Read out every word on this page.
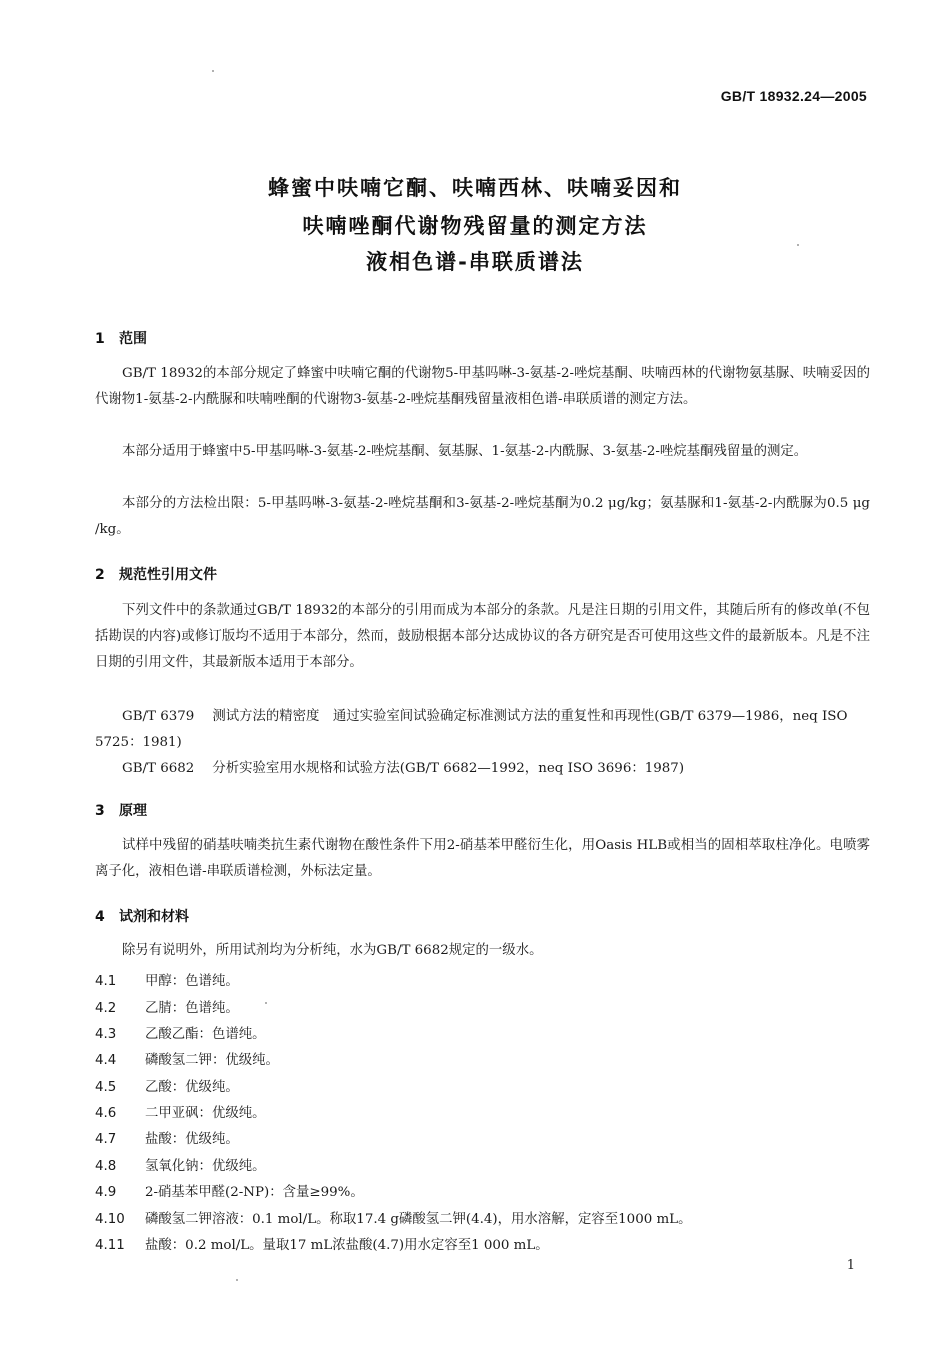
GB/T 18932.24—2005
蜂蜜中呋喃它酮、呋喃西林、呋喃妥因和
呋喃唑酮代谢物残留量的测定方法
液相色谱-串联质谱法
1 范围
GB/T 18932的本部分规定了蜂蜜中呋喃它酮的代谢物5-甲基吗啉-3-氨基-2-唑烷基酮、呋喃西林的代谢物氨基脲、呋喃妥因的代谢物1-氨基-2-内酰脲和呋喃唑酮的代谢物3-氨基-2-唑烷基酮残留量液相色谱-串联质谱的测定方法。
本部分适用于蜂蜜中5-甲基吗啉-3-氨基-2-唑烷基酮、氨基脲、1-氨基-2-内酰脲、3-氨基-2-唑烷基酮残留量的测定。
本部分的方法检出限：5-甲基吗啉-3-氨基-2-唑烷基酮和3-氨基-2-唑烷基酮为0.2 μg/kg；氨基脲和1-氨基-2-内酰脲为0.5 μg /kg。
2 规范性引用文件
下列文件中的条款通过GB/T 18932的本部分的引用而成为本部分的条款。凡是注日期的引用文件，其随后所有的修改单(不包括勘误的内容)或修订版均不适用于本部分，然而，鼓励根据本部分达成协议的各方研究是否可使用这些文件的最新版本。凡是不注日期的引用文件，其最新版本适用于本部分。
GB/T 6379 测试方法的精密度　通过实验室间试验确定标准测试方法的重复性和再现性(GB/T 6379—1986，neq ISO 5725：1981)
GB/T 6682 分析实验室用水规格和试验方法(GB/T 6682—1992，neq ISO 3696：1987)
3 原理
试样中残留的硝基呋喃类抗生素代谢物在酸性条件下用2-硝基苯甲醛衍生化，用Oasis HLB或相当的固相萃取柱净化。电喷雾离子化，液相色谱-串联质谱检测，外标法定量。
4 试剂和材料
除另有说明外，所用试剂均为分析纯，水为GB/T 6682规定的一级水。
4.1 甲醇：色谱纯。
4.2 乙腈：色谱纯。
4.3 乙酸乙酯：色谱纯。
4.4 磷酸氢二钾：优级纯。
4.5 乙酸：优级纯。
4.6 二甲亚砜：优级纯。
4.7 盐酸：优级纯。
4.8 氢氧化钠：优级纯。
4.9 2-硝基苯甲醛(2-NP)：含量≥99%。
4.10 磷酸氢二钾溶液：0.1 mol/L。称取17.4 g磷酸氢二钾(4.4)，用水溶解，定容至1000 mL。
4.11 盐酸：0.2 mol/L。量取17 mL浓盐酸(4.7)用水定容至1 000 mL。
1
